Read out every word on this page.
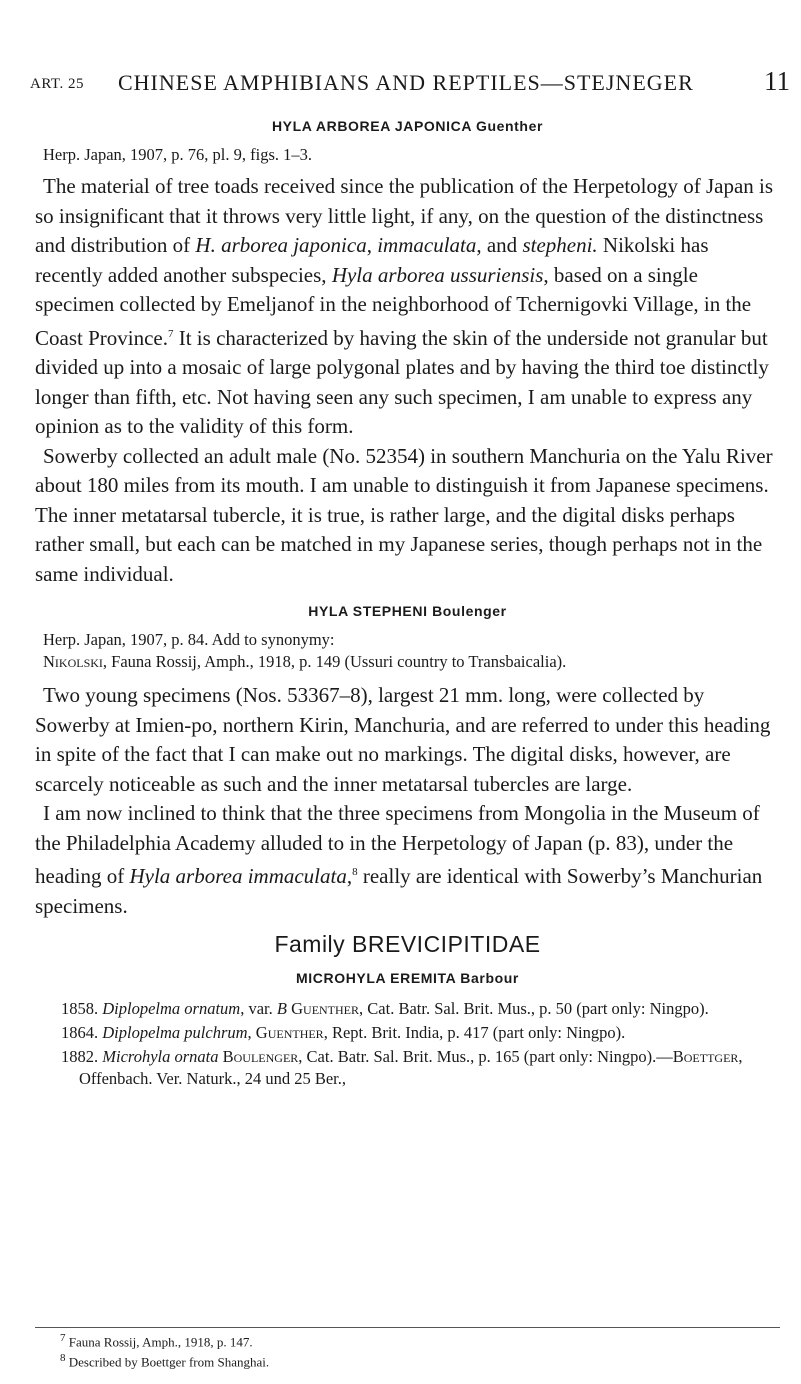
ART. 25 CHINESE AMPHIBIANS AND REPTILES—STEJNEGER	11

HYLA ARBOREA JAPONICA Guenther

Herp. Japan, 1907, p. 76, pl. 9, figs. 1–3.

The material of tree toads received since the publication of the Herpetology of Japan is so insignificant that it throws very little light, if any, on the question of the distinctness and distribution of H. arborea japonica, immaculata, and stepheni. Nikolski has recently added another subspecies, Hyla arborea ussuriensis, based on a single specimen collected by Emeljanof in the neighborhood of Tchernigovki Village, in the Coast Province.$^7$ It is characterized by having the skin of the underside not granular but divided up into a mosaic of large polygonal plates and by having the third toe distinctly longer than fifth, etc. Not having seen any such specimen, I am unable to express any opinion as to the validity of this form.

Sowerby collected an adult male (No. 52354) in southern Manchuria on the Yalu River about 180 miles from its mouth. I am unable to distinguish it from Japanese specimens. The inner metatarsal tubercle, it is true, is rather large, and the digital disks perhaps rather small, but each can be matched in my Japanese series, though perhaps not in the same individual.

HYLA STEPHENI Boulenger

Herp. Japan, 1907, p. 84. Add to synonymy:

Nikolski, Fauna Rossij, Amph., 1918, p. 149 (Ussuri country to Transbaicalia).

Two young specimens (Nos. 53367–8), largest 21 mm. long, were collected by Sowerby at Imien-po, northern Kirin, Manchuria, and are referred to under this heading in spite of the fact that I can make out no markings. The digital disks, however, are scarcely noticeable as such and the inner metatarsal tubercles are large.

I am now inclined to think that the three specimens from Mongolia in the Museum of the Philadelphia Academy alluded to in the Herpetology of Japan (p. 83), under the heading of Hyla arborea immaculata,$^8$ really are identical with Sowerby’s Manchurian specimens.

Family BREVICIPITIDAE

MICROHYLA EREMITA Barbour

1858. Diplopelma ornatum, var. B Guenther, Cat. Batr. Sal. Brit. Mus., p. 50 (part only: Ningpo).

1864. Diplopelma pulchrum, Guenther, Rept. Brit. India, p. 417 (part only: Ningpo).

1882. Microhyla ornata Boulenger, Cat. Batr. Sal. Brit. Mus., p. 165 (part only: Ningpo).—Boettger, Offenbach. Ver. Naturk., 24 und 25 Ber.,

$^7$ Fauna Rossij, Amph., 1918, p. 147.
$^8$ Described by Boettger from Shanghai.
